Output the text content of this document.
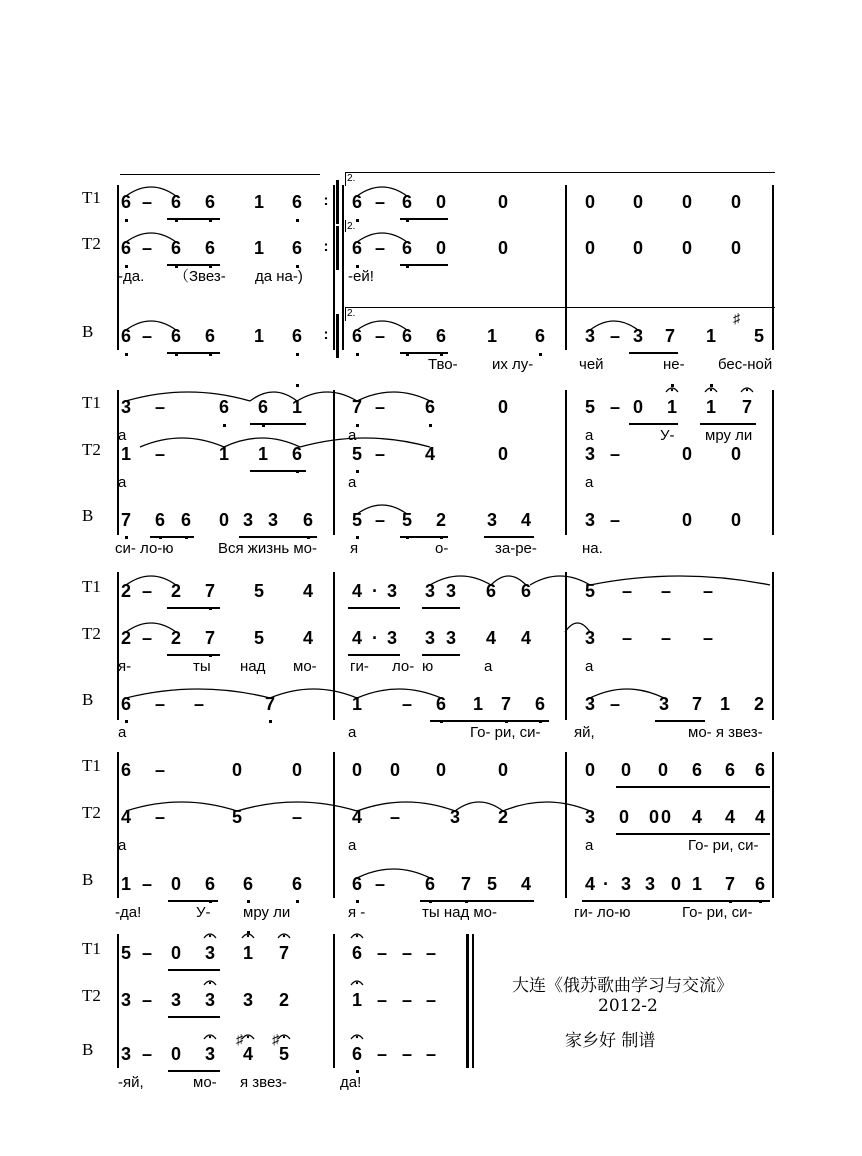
T1 6 – 6 6 1 6	6 – 6 0	0	0 0 0 0
T2 6 – 6 6 1 6	6 – 6 0	0	0 0 0 0
-да. （Звез- да на-)	-ей!
B 6 – 6 6 1 6	6 – 6 6 1 6 3 – 3 7 1 5
Тво- их лу-	чей	не- бес-ной
T1 3 –	6 6 1	7 – 6	0	5 – 0 1 1 7
а	а	а	У- мру ли
T2 1 –	1 1 6	5 – 4	0	3 –	0 0
а	а	а
B 7 6 6 0 3 3 6 5 – 5 2 3 4	3 –	0 0
си- ло-ю	Вся жизнь мо- я	о-	за-ре-	на.
T1 2 – 2 7 5 4 4 · 3 3 3 6 6	5 – – –
T2 2 – 2 7 5 4 4 · 3 3 3 4 4	3 – – –
я-	ты над мо- ги- ло- ю	а	а
B 6 – –	7	1 – 6 1 7 6 3 – 3 7 1 2
а	а	Го- ри, си- яй,	мо- я звез-
T1 6 –	0	0	0 0 0	0	0 0 0 6 6 6
T2 4 –	5	–	4 –	3 2	3 0 0 0 4 4 4
а	а	а	Го- ри, си-
B 1 – 0 6 6 6	6 – 6 7 5 4	4 · 3 3 0 1 7 6
-да!	У- мру ли	я -	ты над мо-	ги- ло-ю	Го- ри, си-
T1 5 – 0 3 1 7	6 – – –
T2 3 – 3 3 3 2	1 – – –
B 3 – 0 3 4 5	6 – – –
-яй,	мо- я звез-	да!
:
:
:
2.
2.
2.	♯
♯ ♯
大连《俄苏歌曲学习与交流》
2012-2
家乡好 制谱
